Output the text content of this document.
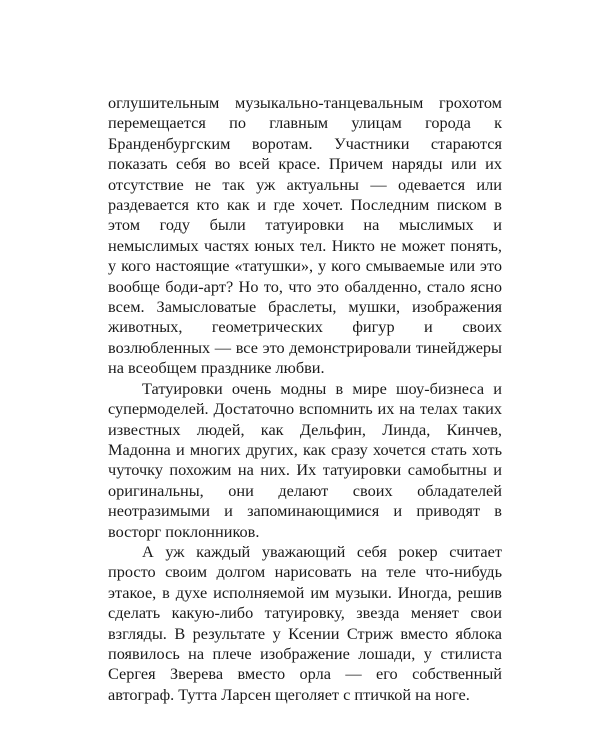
оглушительным музыкально-танцевальным грохотом перемещается по главным улицам города к Бранденбургским воротам. Участники стараются показать себя во всей красе. Причем наряды или их отсутствие не так уж актуальны — одевается или раздевается кто как и где хочет. Последним писком в этом году были татуировки на мыслимых и немыслимых частях юных тел. Никто не может понять, у кого настоящие «татушки», у кого смываемые или это вообще боди-арт? Но то, что это обалденно, стало ясно всем. Замысловатые браслеты, мушки, изображения животных, геометрических фигур и своих возлюбленных — все это демонстрировали тинейджеры на всеобщем празднике любви.

Татуировки очень модны в мире шоу-бизнеса и супермоделей. Достаточно вспомнить их на телах таких известных людей, как Дельфин, Линда, Кинчев, Мадонна и многих других, как сразу хочется стать хоть чуточку похожим на них. Их татуировки самобытны и оригинальны, они делают своих обладателей неотразимыми и запоминающимися и приводят в восторг поклонников.

А уж каждый уважающий себя рокер считает просто своим долгом нарисовать на теле что-нибудь этакое, в духе исполняемой им музыки. Иногда, решив сделать какую-либо татуировку, звезда меняет свои взгляды. В результате у Ксении Стриж вместо яблока появилось на плече изображение лошади, у стилиста Сергея Зверева вместо орла — его собственный автограф. Тутта Ларсен щеголяет с птичкой на ноге.
